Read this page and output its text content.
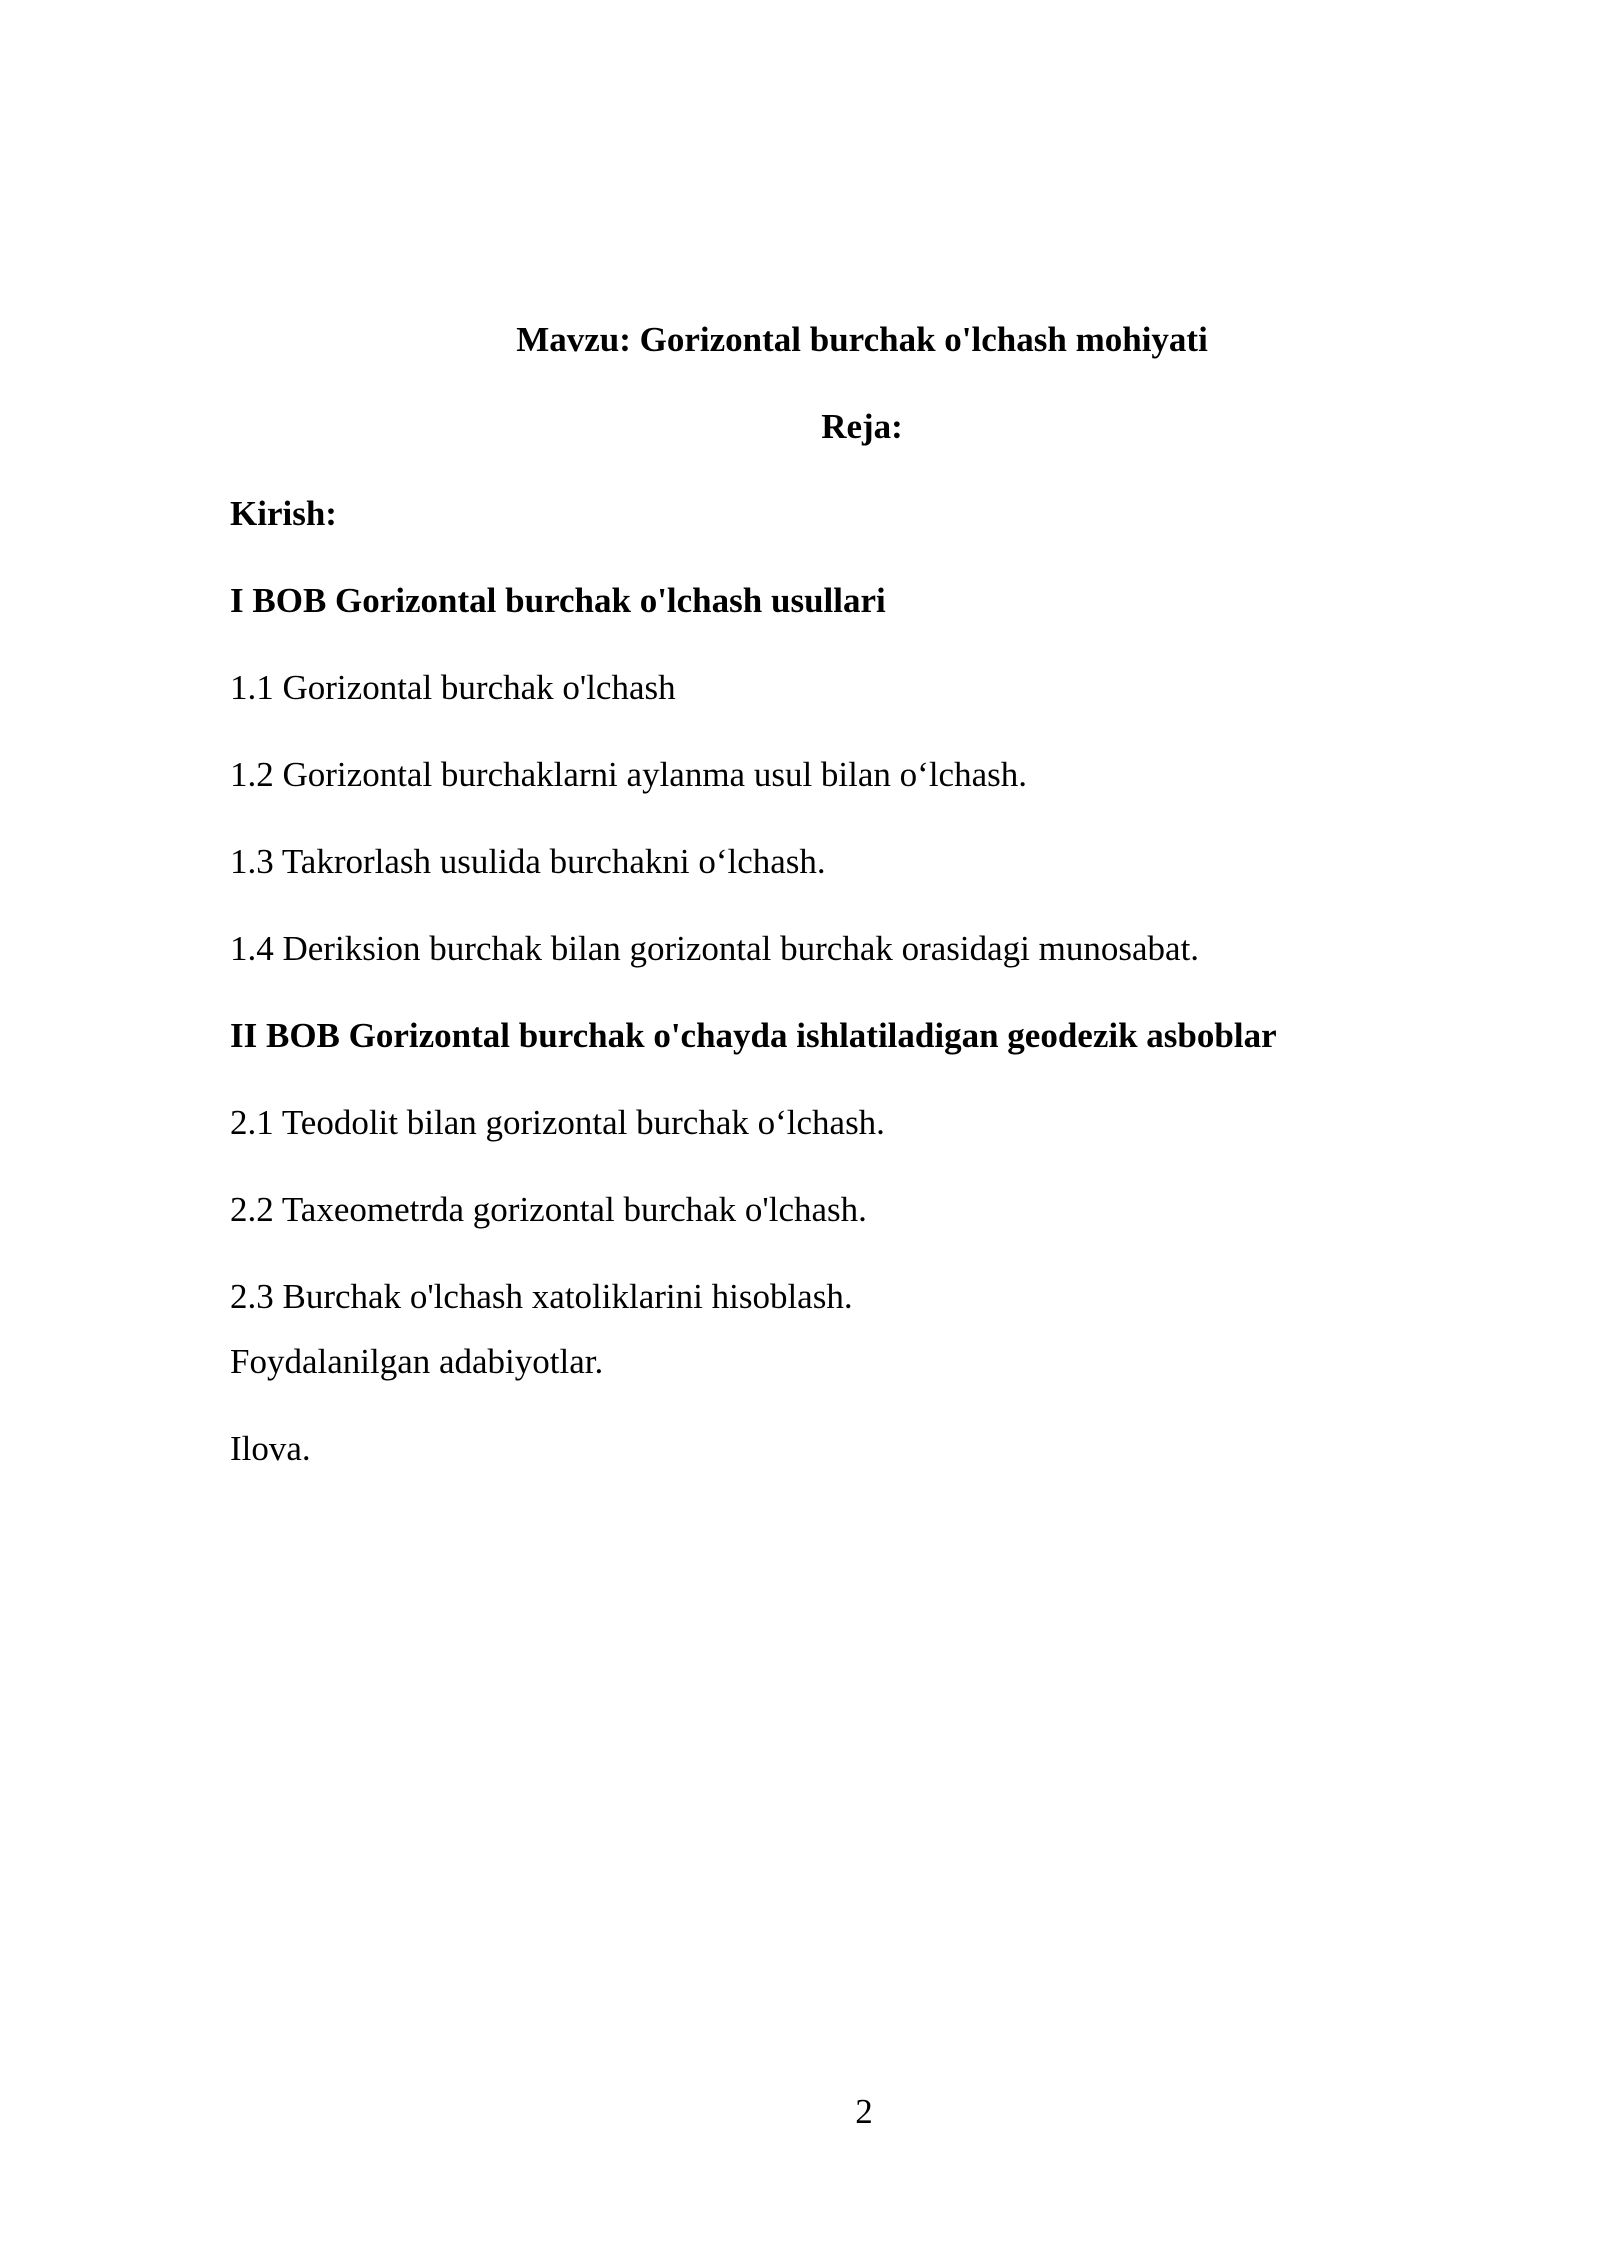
Mavzu: Gorizontal burchak o'lchash mohiyati

Reja:

Kirish:

I BOB Gorizontal burchak o'lchash usullari

1.1 Gorizontal burchak o'lchash

1.2 Gorizontal burchaklarni aylanma usul bilan o‘lchash.

1.3 Takrorlash usulida burchakni o‘lchash.

1.4 Deriksion burchak bilan gorizontal burchak orasidagi munosabat.

II BOB Gorizontal burchak o'chayda ishlatiladigan geodezik asboblar

2.1 Teodolit bilan gorizontal burchak o‘lchash.

2.2 Taxeometrda gorizontal burchak o'lchash.

2.3 Burchak o'lchash xatoliklarini hisoblash.

Foydalanilgan adabiyotlar.

Ilova.

2
